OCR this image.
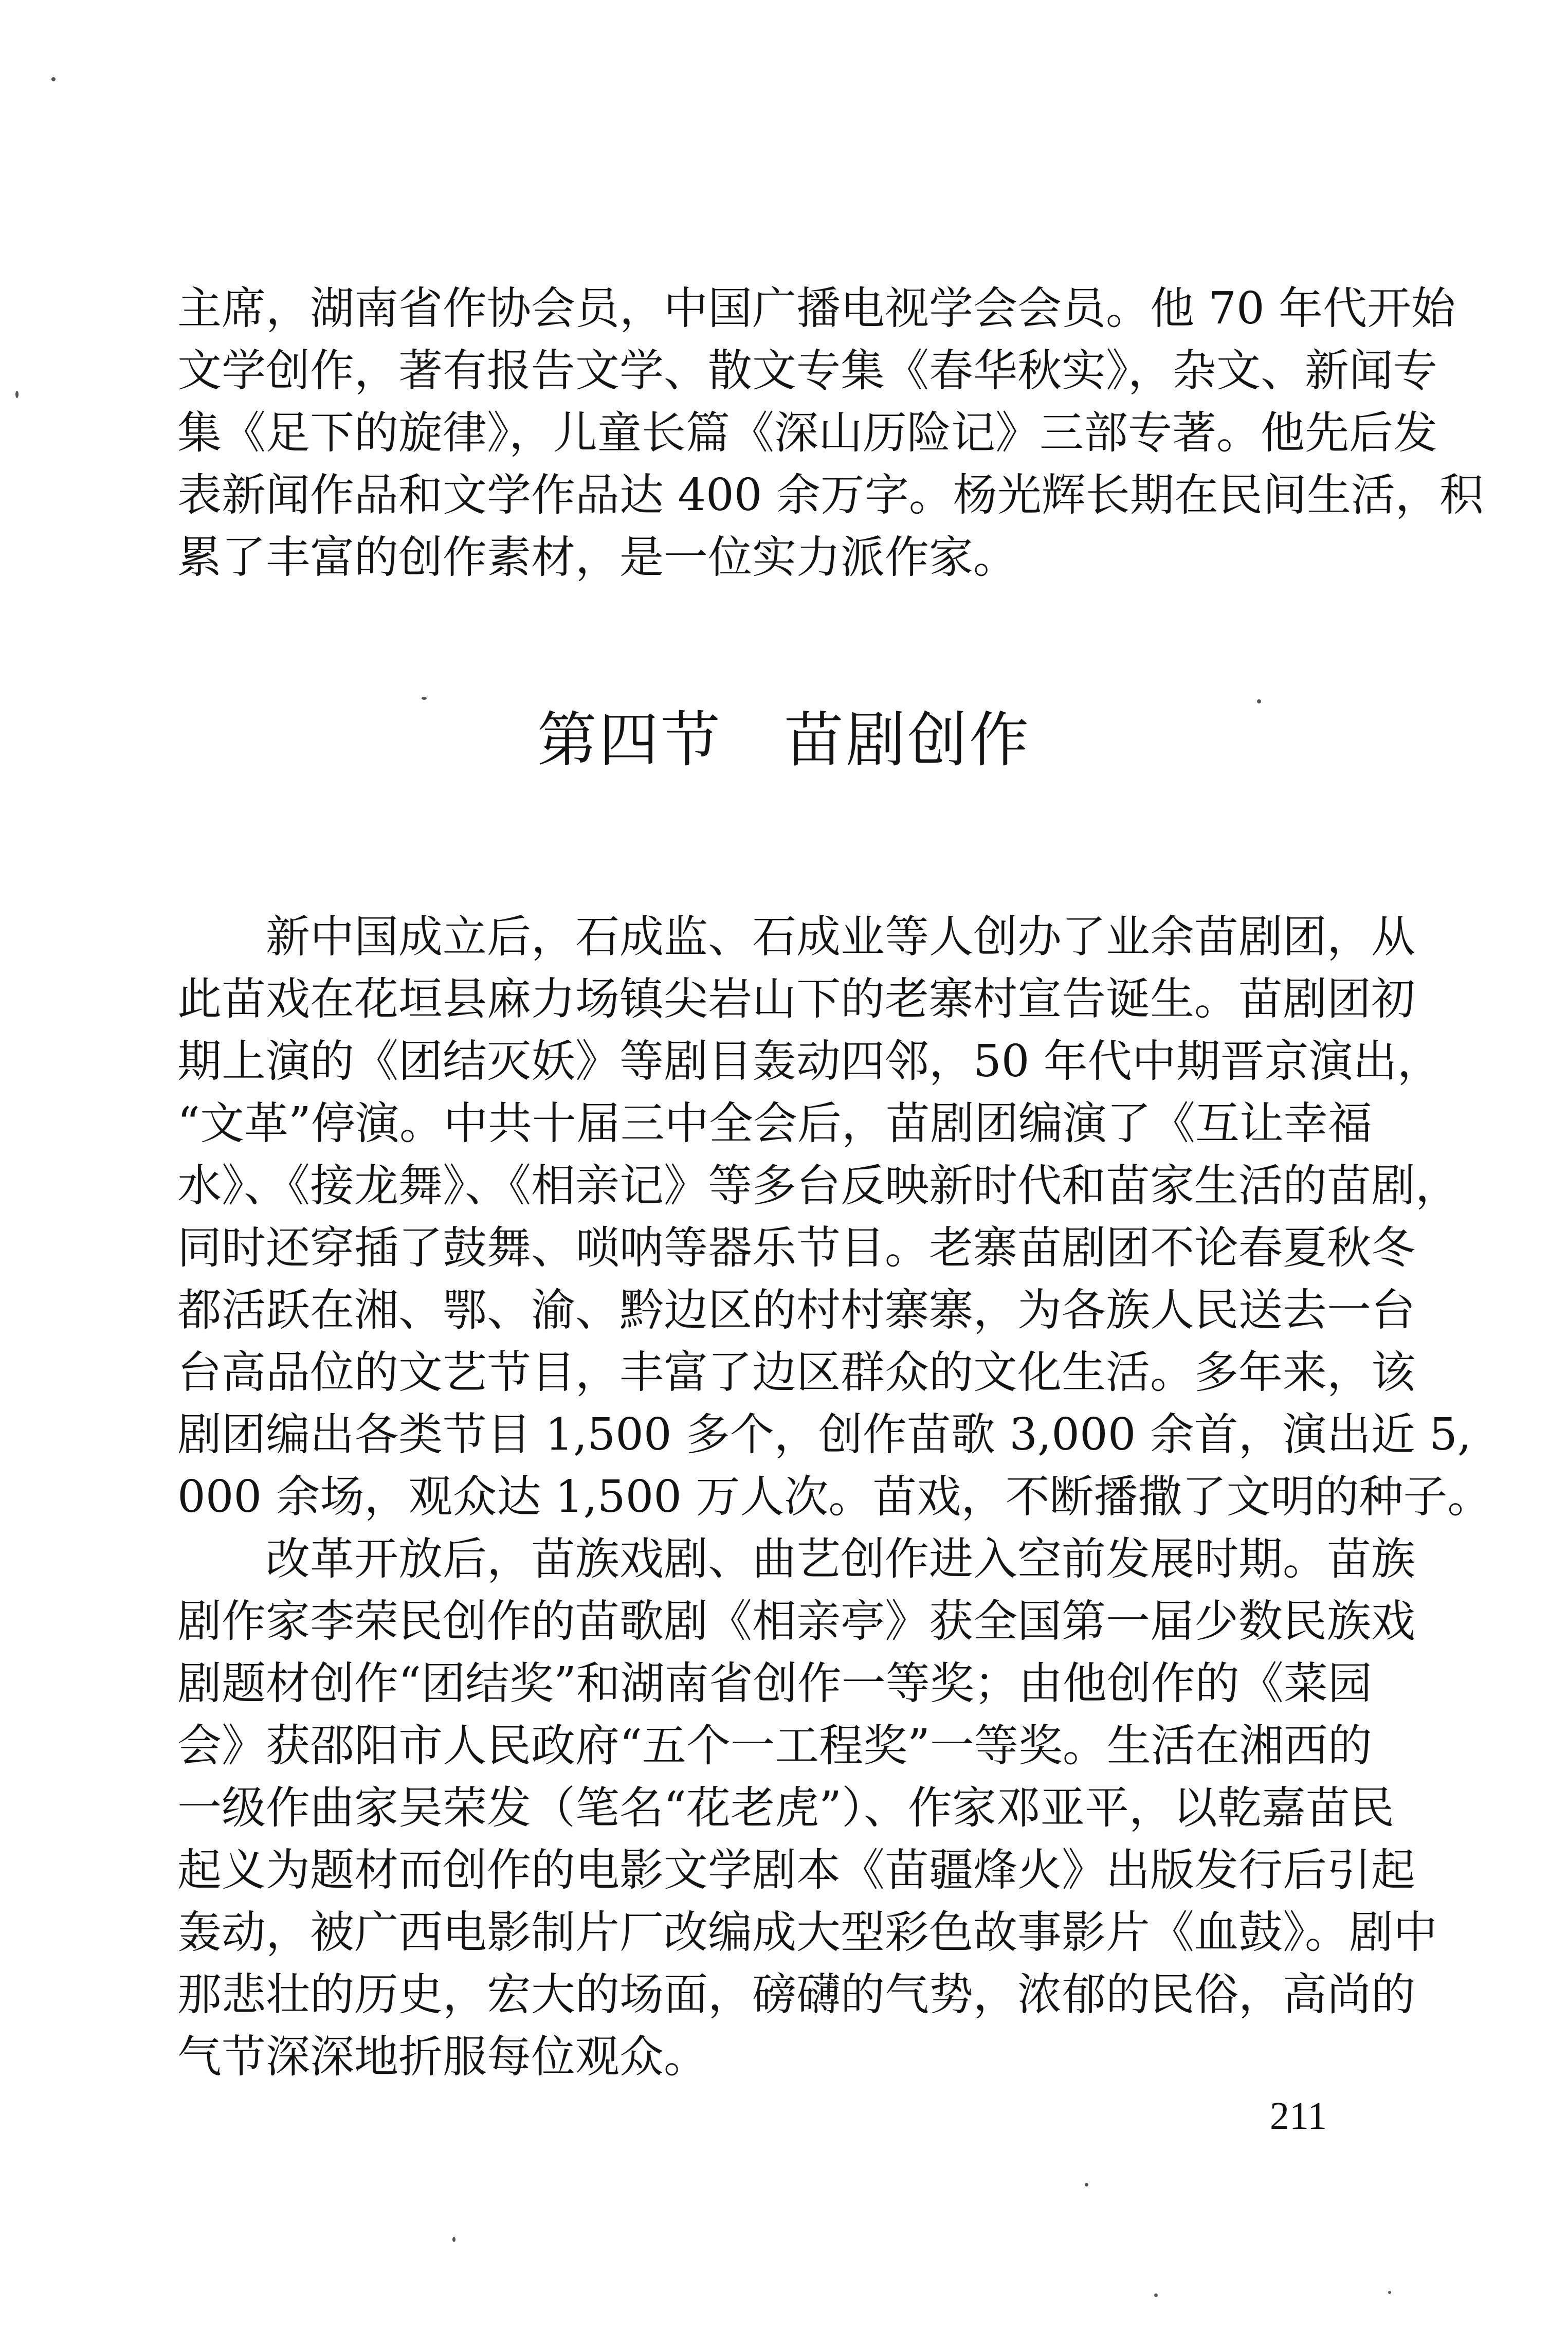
主席，湖南省作协会员，中国广播电视学会会员。他 70 年代开始
文学创作，著有报告文学、散文专集《春华秋实》，杂文、新闻专
集《足下的旋律》，儿童长篇《深山历险记》三部专著。他先后发
表新闻作品和文学作品达 400 余万字。杨光辉长期在民间生活，积
累了丰富的创作素材，是一位实力派作家。
第四节　苗剧创作
　　新中国成立后，石成监、石成业等人创办了业余苗剧团，从
此苗戏在花垣县麻力场镇尖岩山下的老寨村宣告诞生。苗剧团初
期上演的《团结灭妖》等剧目轰动四邻，50 年代中期晋京演出，
“文革”停演。中共十届三中全会后，苗剧团编演了《互让幸福
水》、《接龙舞》、《相亲记》等多台反映新时代和苗家生活的苗剧，
同时还穿插了鼓舞、唢呐等器乐节目。老寨苗剧团不论春夏秋冬
都活跃在湘、鄂、渝、黔边区的村村寨寨，为各族人民送去一台
台高品位的文艺节目，丰富了边区群众的文化生活。多年来，该
剧团编出各类节目 1,500 多个，创作苗歌 3,000 余首，演出近 5,
000 余场，观众达 1,500 万人次。苗戏，不断播撒了文明的种子。
　　改革开放后，苗族戏剧、曲艺创作进入空前发展时期。苗族
剧作家李荣民创作的苗歌剧《相亲亭》获全国第一届少数民族戏
剧题材创作“团结奖”和湖南省创作一等奖；由他创作的《菜园
会》获邵阳市人民政府“五个一工程奖”一等奖。生活在湘西的
一级作曲家吴荣发（笔名“花老虎”）、作家邓亚平，以乾嘉苗民
起义为题材而创作的电影文学剧本《苗疆烽火》出版发行后引起
轰动，被广西电影制片厂改编成大型彩色故事影片《血鼓》。剧中
那悲壮的历史，宏大的场面，磅礴的气势，浓郁的民俗，高尚的
气节深深地折服每位观众。
211
